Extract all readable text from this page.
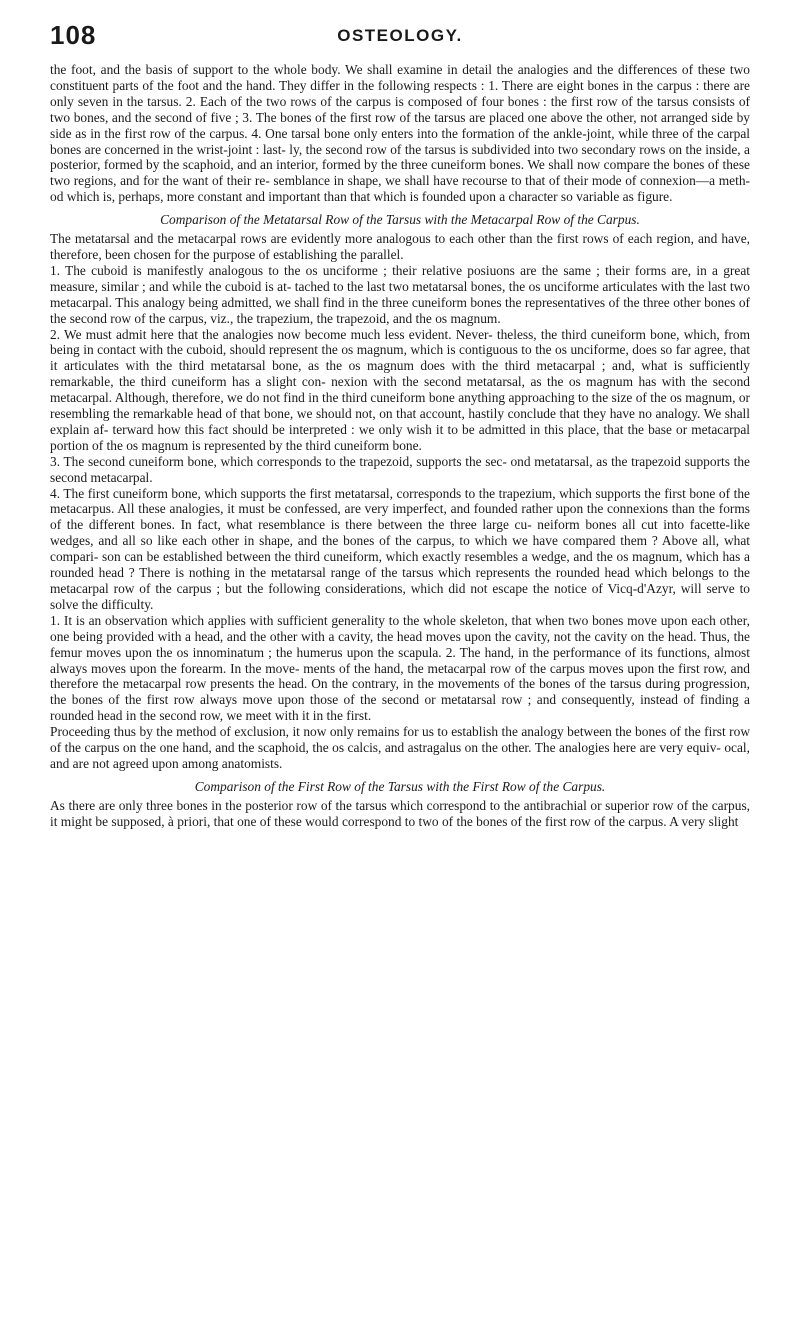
108	OSTEOLOGY.

the foot, and the basis of support to the whole body. We shall examine in detail the analogies and the differences of these two constituent parts of the foot and the hand. They differ in the following respects : 1. There are eight bones in the carpus : there are only seven in the tarsus. 2. Each of the two rows of the carpus is composed of four bones : the first row of the tarsus consists of two bones, and the second of five ; 3. The bones of the first row of the tarsus are placed one above the other, not arranged side by side as in the first row of the carpus. 4. One tarsal bone only enters into the formation of the ankle-joint, while three of the carpal bones are concerned in the wrist-joint : last- ly, the second row of the tarsus is subdivided into two secondary rows on the inside, a posterior, formed by the scaphoid, and an interior, formed by the three cuneiform bones. We shall now compare the bones of these two regions, and for the want of their re- semblance in shape, we shall have recourse to that of their mode of connexion—a meth- od which is, perhaps, more constant and important than that which is founded upon a character so variable as figure.

Comparison of the Metatarsal Row of the Tarsus with the Metacarpal Row of the Carpus.

The metatarsal and the metacarpal rows are evidently more analogous to each other than the first rows of each region, and have, therefore, been chosen for the purpose of establishing the parallel.

1. The cuboid is manifestly analogous to the os unciforme ; their relative posiuons are the same ; their forms are, in a great measure, similar ; and while the cuboid is at- tached to the last two metatarsal bones, the os unciforme articulates with the last two metacarpal. This analogy being admitted, we shall find in the three cuneiform bones the representatives of the three other bones of the second row of the carpus, viz., the trapezium, the trapezoid, and the os magnum.

2. We must admit here that the analogies now become much less evident. Never- theless, the third cuneiform bone, which, from being in contact with the cuboid, should represent the os magnum, which is contiguous to the os unciforme, does so far agree, that it articulates with the third metatarsal bone, as the os magnum does with the third metacarpal ; and, what is sufficiently remarkable, the third cuneiform has a slight con- nexion with the second metatarsal, as the os magnum has with the second metacarpal. Although, therefore, we do not find in the third cuneiform bone anything approaching to the size of the os magnum, or resembling the remarkable head of that bone, we should not, on that account, hastily conclude that they have no analogy. We shall explain af- terward how this fact should be interpreted : we only wish it to be admitted in this place, that the base or metacarpal portion of the os magnum is represented by the third cuneiform bone.

3. The second cuneiform bone, which corresponds to the trapezoid, supports the sec- ond metatarsal, as the trapezoid supports the second metacarpal.

4. The first cuneiform bone, which supports the first metatarsal, corresponds to the trapezium, which supports the first bone of the metacarpus. All these analogies, it must be confessed, are very imperfect, and founded rather upon the connexions than the forms of the different bones. In fact, what resemblance is there between the three large cu- neiform bones all cut into facette-like wedges, and all so like each other in shape, and the bones of the carpus, to which we have compared them ? Above all, what compari- son can be established between the third cuneiform, which exactly resembles a wedge, and the os magnum, which has a rounded head ? There is nothing in the metatarsal range of the tarsus which represents the rounded head which belongs to the metacarpal row of the carpus ; but the following considerations, which did not escape the notice of Vicq-d'Azyr, will serve to solve the difficulty.

1. It is an observation which applies with sufficient generality to the whole skeleton, that when two bones move upon each other, one being provided with a head, and the other with a cavity, the head moves upon the cavity, not the cavity on the head. Thus, the femur moves upon the os innominatum ; the humerus upon the scapula. 2. The hand, in the performance of its functions, almost always moves upon the forearm. In the move- ments of the hand, the metacarpal row of the carpus moves upon the first row, and therefore the metacarpal row presents the head. On the contrary, in the movements of the bones of the tarsus during progression, the bones of the first row always move upon those of the second or metatarsal row ; and consequently, instead of finding a rounded head in the second row, we meet with it in the first.

Proceeding thus by the method of exclusion, it now only remains for us to establish the analogy between the bones of the first row of the carpus on the one hand, and the scaphoid, the os calcis, and astragalus on the other. The analogies here are very equiv- ocal, and are not agreed upon among anatomists.

Comparison of the First Row of the Tarsus with the First Row of the Carpus.

As there are only three bones in the posterior row of the tarsus which correspond to the antibrachial or superior row of the carpus, it might be supposed, à priori, that one of these would correspond to two of the bones of the first row of the carpus. A very slight
